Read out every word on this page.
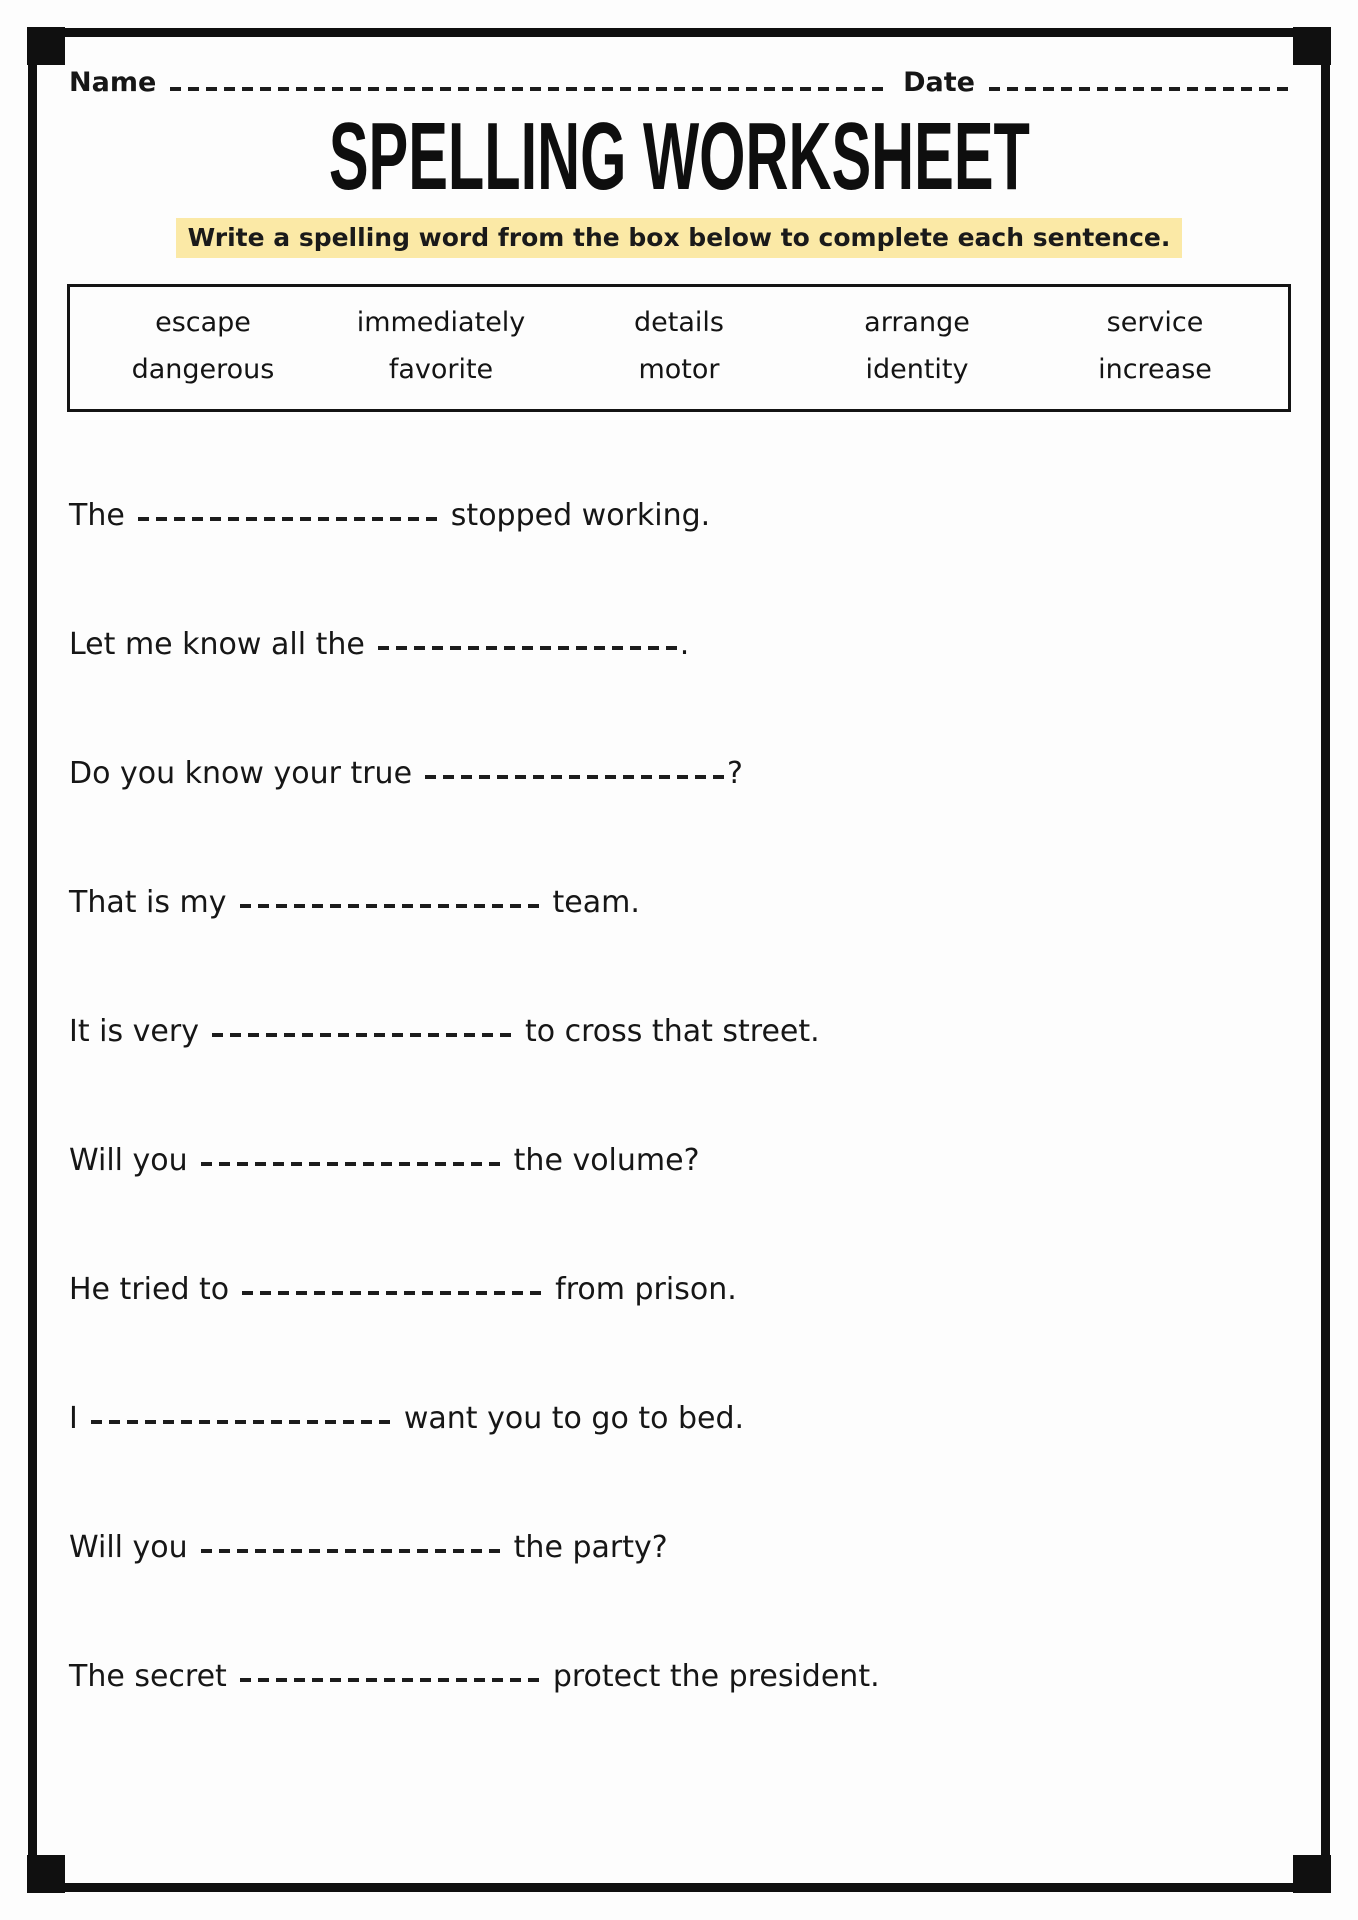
Name	Date
SPELLING WORKSHEET
Write a spelling word from the box below to complete each sentence.
escape	immediately	details	arrange	service
dangerous	favorite	motor	identity	increase
The	stopped working.
Let me know all the	.
Do you know your true	?
That is my	team.
It is very	to cross that street.
Will you	the volume?
He tried to	from prison.
I	want you to go to bed.
Will you	the party?
The secret	protect the president.
